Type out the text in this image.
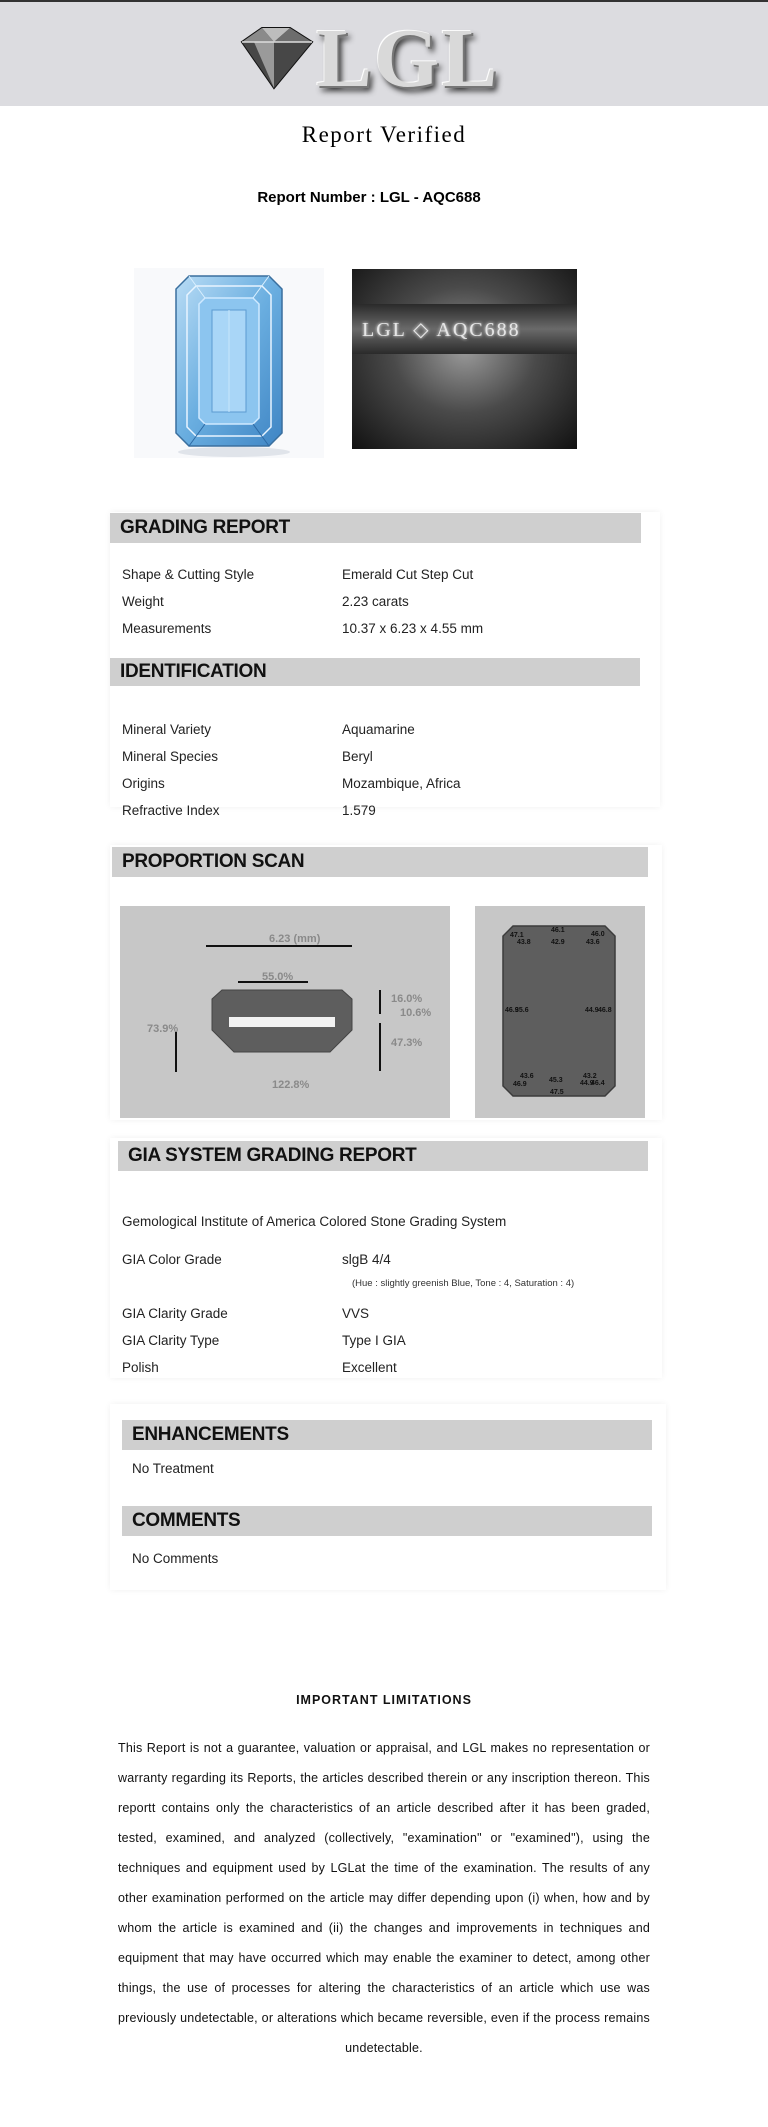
LGL
Report Verified
Report Number : LGL - AQC688
LGL ◇ AQC688
GRADING REPORT
Shape & Cutting Style	Emerald Cut Step Cut
Weight	2.23 carats
Measurements	10.37 x 6.23 x 4.55 mm
IDENTIFICATION
Mineral Variety	Aquamarine
Mineral Species	Beryl
Origins	Mozambique, Africa
Refractive Index	1.579
PROPORTION SCAN
6.23 (mm)
55.0%
73.9%
16.0%
10.6%
47.3%
122.8%
46.1
47.1	46.0
43.8	42.9	43.6
46.9
35.6	44.9 46.8
43.6	43.2
46.9
45.3 44.9
46.4
47.5
GIA SYSTEM GRADING REPORT
Gemological Institute of America Colored Stone Grading System
GIA Color Grade	slgB 4/4
(Hue : slightly greenish Blue, Tone : 4, Saturation : 4)
GIA Clarity Grade	VVS
GIA Clarity Type	Type I GIA
Polish	Excellent
ENHANCEMENTS
No Treatment
COMMENTS
No Comments
IMPORTANT LIMITATIONS
This Report is not a guarantee, valuation or appraisal, and LGL makes no representation or warranty regarding its Reports, the articles described therein or any inscription thereon. This reportt contains only the characteristics of an article described after it has been graded, tested, examined, and analyzed (collectively, "examination" or "examined"), using the techniques and equipment used by LGLat the time of the examination. The results of any other examination performed on the article may differ depending upon (i) when, how and by whom the article is examined and (ii) the changes and improvements in techniques and equipment that may have occurred which may enable the examiner to detect, among other things, the use of processes for altering the characteristics of an article which use was previously undetectable, or alterations which became reversible, even if the process remains undetectable.
